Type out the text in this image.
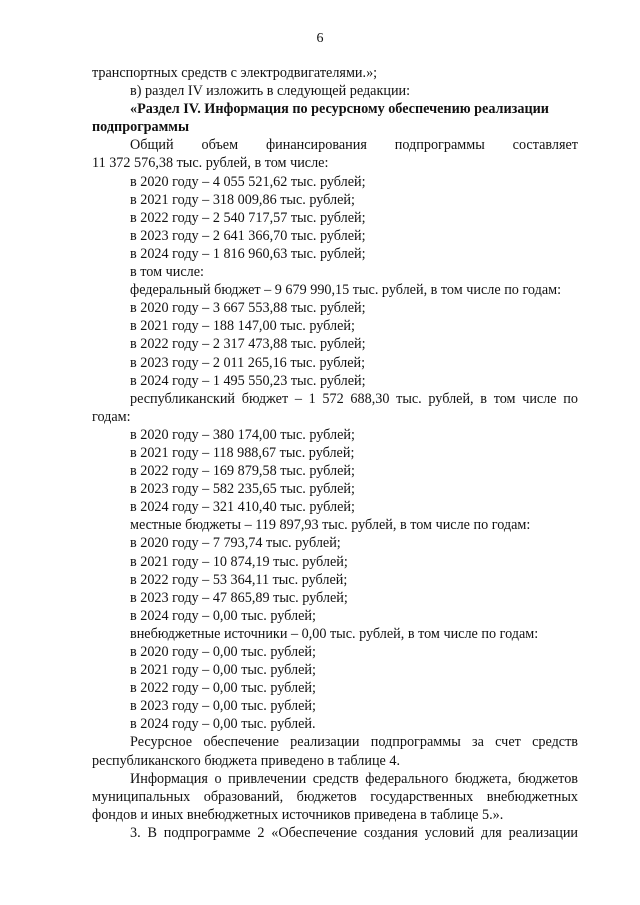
6

транспортных средств с электродвигателями.»;

в) раздел IV изложить в следующей редакции:

«Раздел IV. Информация по ресурсному обеспечению реализации

подпрограммы

Общий объем финансирования подпрограммы составляет

11 372 576,38 тыс. рублей, в том числе:

в 2020 году – 4 055 521,62 тыс. рублей;

в 2021 году – 318 009,86 тыс. рублей;

в 2022 году – 2 540 717,57 тыс. рублей;

в 2023 году – 2 641 366,70 тыс. рублей;

в 2024 году – 1 816 960,63 тыс. рублей;

в том числе:

федеральный бюджет – 9 679 990,15 тыс. рублей, в том числе по годам:

в 2020 году – 3 667 553,88 тыс. рублей;

в 2021 году – 188 147,00 тыс. рублей;

в 2022 году – 2 317 473,88 тыс. рублей;

в 2023 году – 2 011 265,16 тыс. рублей;

в 2024 году – 1 495 550,23 тыс. рублей;

республиканский бюджет – 1 572 688,30 тыс. рублей, в том числе по

годам:

в 2020 году – 380 174,00 тыс. рублей;

в 2021 году – 118 988,67 тыс. рублей;

в 2022 году – 169 879,58 тыс. рублей;

в 2023 году – 582 235,65 тыс. рублей;

в 2024 году – 321 410,40 тыс. рублей;

местные бюджеты – 119 897,93 тыс. рублей, в том числе по годам:

в 2020 году – 7 793,74 тыс. рублей;

в 2021 году – 10 874,19 тыс. рублей;

в 2022 году – 53 364,11 тыс. рублей;

в 2023 году – 47 865,89 тыс. рублей;

в 2024 году – 0,00 тыс. рублей;

внебюджетные источники – 0,00 тыс. рублей, в том числе по годам:

в 2020 году – 0,00 тыс. рублей;

в 2021 году – 0,00 тыс. рублей;

в 2022 году – 0,00 тыс. рублей;

в 2023 году – 0,00 тыс. рублей;

в 2024 году – 0,00 тыс. рублей.

Ресурсное обеспечение реализации подпрограммы за счет средств республиканского бюджета приведено в таблице 4.

Информация о привлечении средств федерального бюджета, бюджетов муниципальных образований, бюджетов государственных внебюджетных фондов и иных внебюджетных источников приведена в таблице 5.».

3. В подпрограмме 2 «Обеспечение создания условий для реализации
